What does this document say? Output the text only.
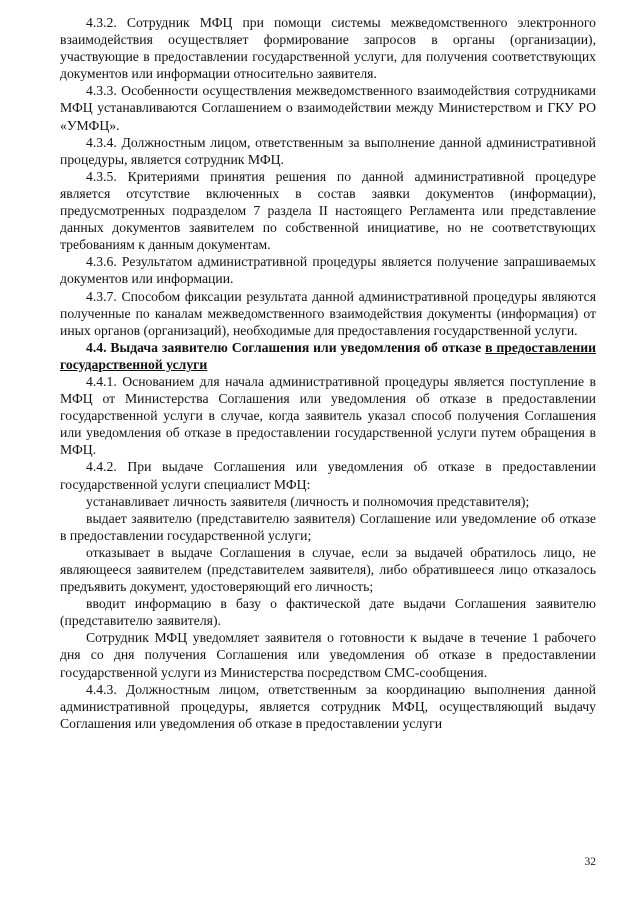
4.3.2. Сотрудник МФЦ при помощи системы межведомственного электронного взаимодействия осуществляет формирование запросов в органы (организации), участвующие в предоставлении государственной услуги, для получения соответствующих документов или информации относительно заявителя.

4.3.3. Особенности осуществления межведомственного взаимодействия сотрудниками МФЦ устанавливаются Соглашением о взаимодействии между Министерством и ГКУ РО «УМФЦ».

4.3.4. Должностным лицом, ответственным за выполнение данной административной процедуры, является сотрудник МФЦ.

4.3.5. Критериями принятия решения по данной административной процедуре является отсутствие включенных в состав заявки документов (информации), предусмотренных подразделом 7 раздела II настоящего Регламента или представление данных документов заявителем по собственной инициативе, но не соответствующих требованиям к данным документам.

4.3.6. Результатом административной процедуры является получение запрашиваемых документов или информации.

4.3.7. Способом фиксации результата данной административной процедуры являются полученные по каналам межведомственного взаимодействия документы (информация) от иных органов (организаций), необходимые для предоставления государственной услуги.

4.4. Выдача заявителю Соглашения или уведомления об отказе в предоставлении государственной услуги

4.4.1. Основанием для начала административной процедуры является поступление в МФЦ от Министерства Соглашения или уведомления об отказе в предоставлении государственной услуги в случае, когда заявитель указал способ получения Соглашения или уведомления об отказе в предоставлении государственной услуги путем обращения в МФЦ.

4.4.2. При выдаче Соглашения или уведомления об отказе в предоставлении государственной услуги специалист МФЦ:

устанавливает личность заявителя (личность и полномочия представителя);

выдает заявителю (представителю заявителя) Соглашение или уведомление об отказе в предоставлении государственной услуги;

отказывает в выдаче Соглашения в случае, если за выдачей обратилось лицо, не являющееся заявителем (представителем заявителя), либо обратившееся лицо отказалось предъявить документ, удостоверяющий его личность;

вводит информацию в базу о фактической дате выдачи Соглашения заявителю (представителю заявителя).

Сотрудник МФЦ уведомляет заявителя о готовности к выдаче в течение 1 рабочего дня со дня получения Соглашения или уведомления об отказе в предоставлении государственной услуги из Министерства посредством СМС-сообщения.

4.4.3. Должностным лицом, ответственным за координацию выполнения данной административной процедуры, является сотрудник МФЦ, осуществляющий выдачу Соглашения или уведомления об отказе в предоставлении услуги

32
